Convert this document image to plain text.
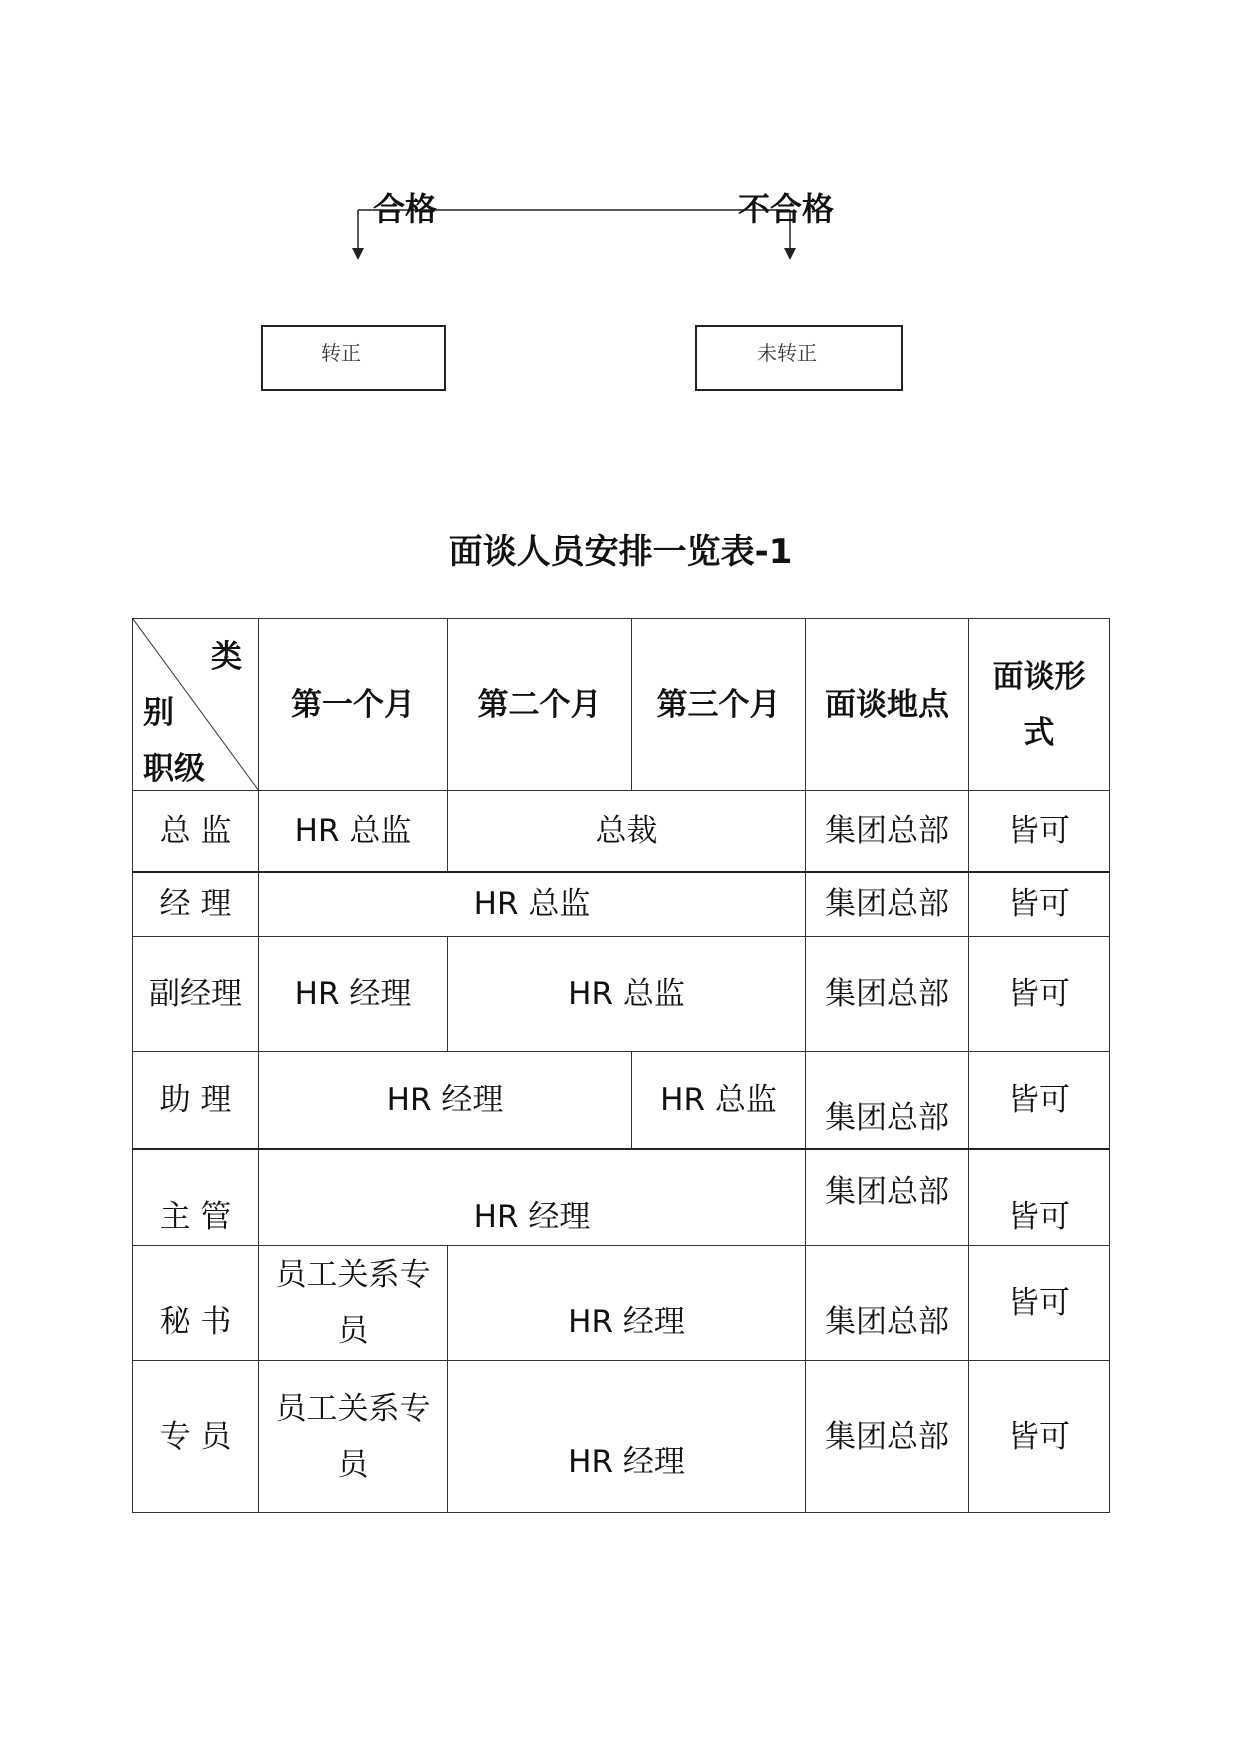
合格	不合格
转正	未转正
面谈人员安排一览表-1
类
别
职级	第一个月	第二个月	第三个月	面谈地点	面谈形式
总 监	HR 总监	总裁		集团总部	皆可
经 理	HR 总监			集团总部	皆可
副经理	HR 经理	HR 总监		集团总部	皆可
助 理	HR 经理		HR 总监	集团总部	皆可
主 管	HR 经理			集团总部	皆可
秘 书	员工关系专员	HR 经理		集团总部	皆可
专 员	员工关系专员	HR 经理		集团总部	皆可
